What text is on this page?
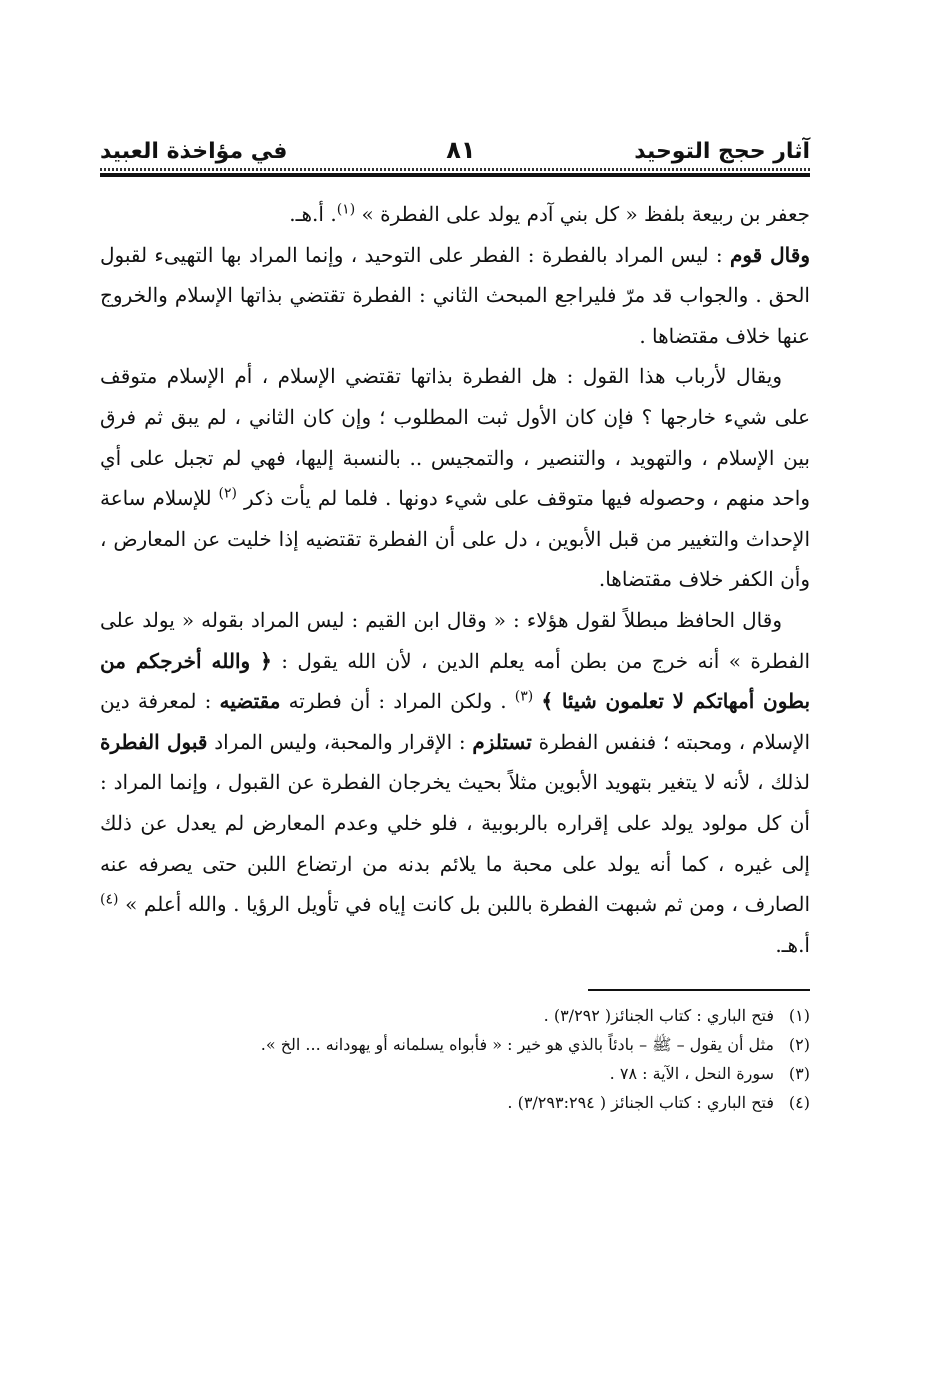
آثار حجج التوحيد
٨١
في مؤاخذة العبيد

جعفر بن ربيعة بلفظ « كل بني آدم يولد على الفطرة » $^{(١)}$. أ.هـ.

وقال قوم : ليس المراد بالفطرة : الفطر على التوحيد ، وإنما المراد بها التهيىء لقبول الحق . والجواب قد مرّ فليراجع المبحث الثاني : الفطرة تقتضي بذاتها الإسلام والخروج عنها خلاف مقتضاها .

ويقال لأرباب هذا القول : هل الفطرة بذاتها تقتضي الإسلام ، أم الإسلام متوقف على شيء خارجها ؟ فإن كان الأول ثبت المطلوب ؛ وإن كان الثاني ، لم يبق ثم فرق بين الإسلام ، والتهويد ، والتنصير ، والتمجيس .. بالنسبة إليها، فهي لم تجبل على أي واحد منهم ، وحصوله فيها متوقف على شيء دونها . فلما لم يأت ذكر $^{(٢)}$ للإسلام ساعة الإحداث والتغيير من قبل الأبوين ، دل على أن الفطرة تقتضيه إذا خليت عن المعارض ، وأن الكفر خلاف مقتضاها.

وقال الحافظ مبطلاً لقول هؤلاء : « وقال ابن القيم : ليس المراد بقوله « يولد على الفطرة » أنه خرج من بطن أمه يعلم الدين ، لأن الله يقول : ﴿ والله أخرجكم من بطون أمهاتكم لا تعلمون شيئا ﴾ $^{(٣)}$ . ولكن المراد : أن فطرته مقتضيه : لمعرفة دين الإسلام ، ومحبته ؛ فنفس الفطرة تستلزم : الإقرار والمحبة، وليس المراد قبول الفطرة لذلك ، لأنه لا يتغير بتهويد الأبوين مثلاً بحيث يخرجان الفطرة عن القبول ، وإنما المراد : أن كل مولود يولد على إقراره بالربوبية ، فلو خلي وعدم المعارض لم يعدل عن ذلك إلى غيره ، كما أنه يولد على محبة ما يلائم بدنه من ارتضاع اللبن حتى يصرفه عنه الصارف ، ومن ثم شبهت الفطرة باللبن بل كانت إياه في تأويل الرؤيا . والله أعلم » $^{(٤)}$ أ.هـ.

(١)
فتح الباري : كتاب الجنائز( ٣/٢٩٢) .
(٢)
مثل أن يقول – ﷺ – بادئاً بالذي هو خير : « فأبواه يسلمانه أو يهودانه ... الخ ».
(٣)
سورة النحل ، الآية : ٧٨ .
(٤)
فتح الباري : كتاب الجنائز ( ٣/٢٩٣:٢٩٤) .
